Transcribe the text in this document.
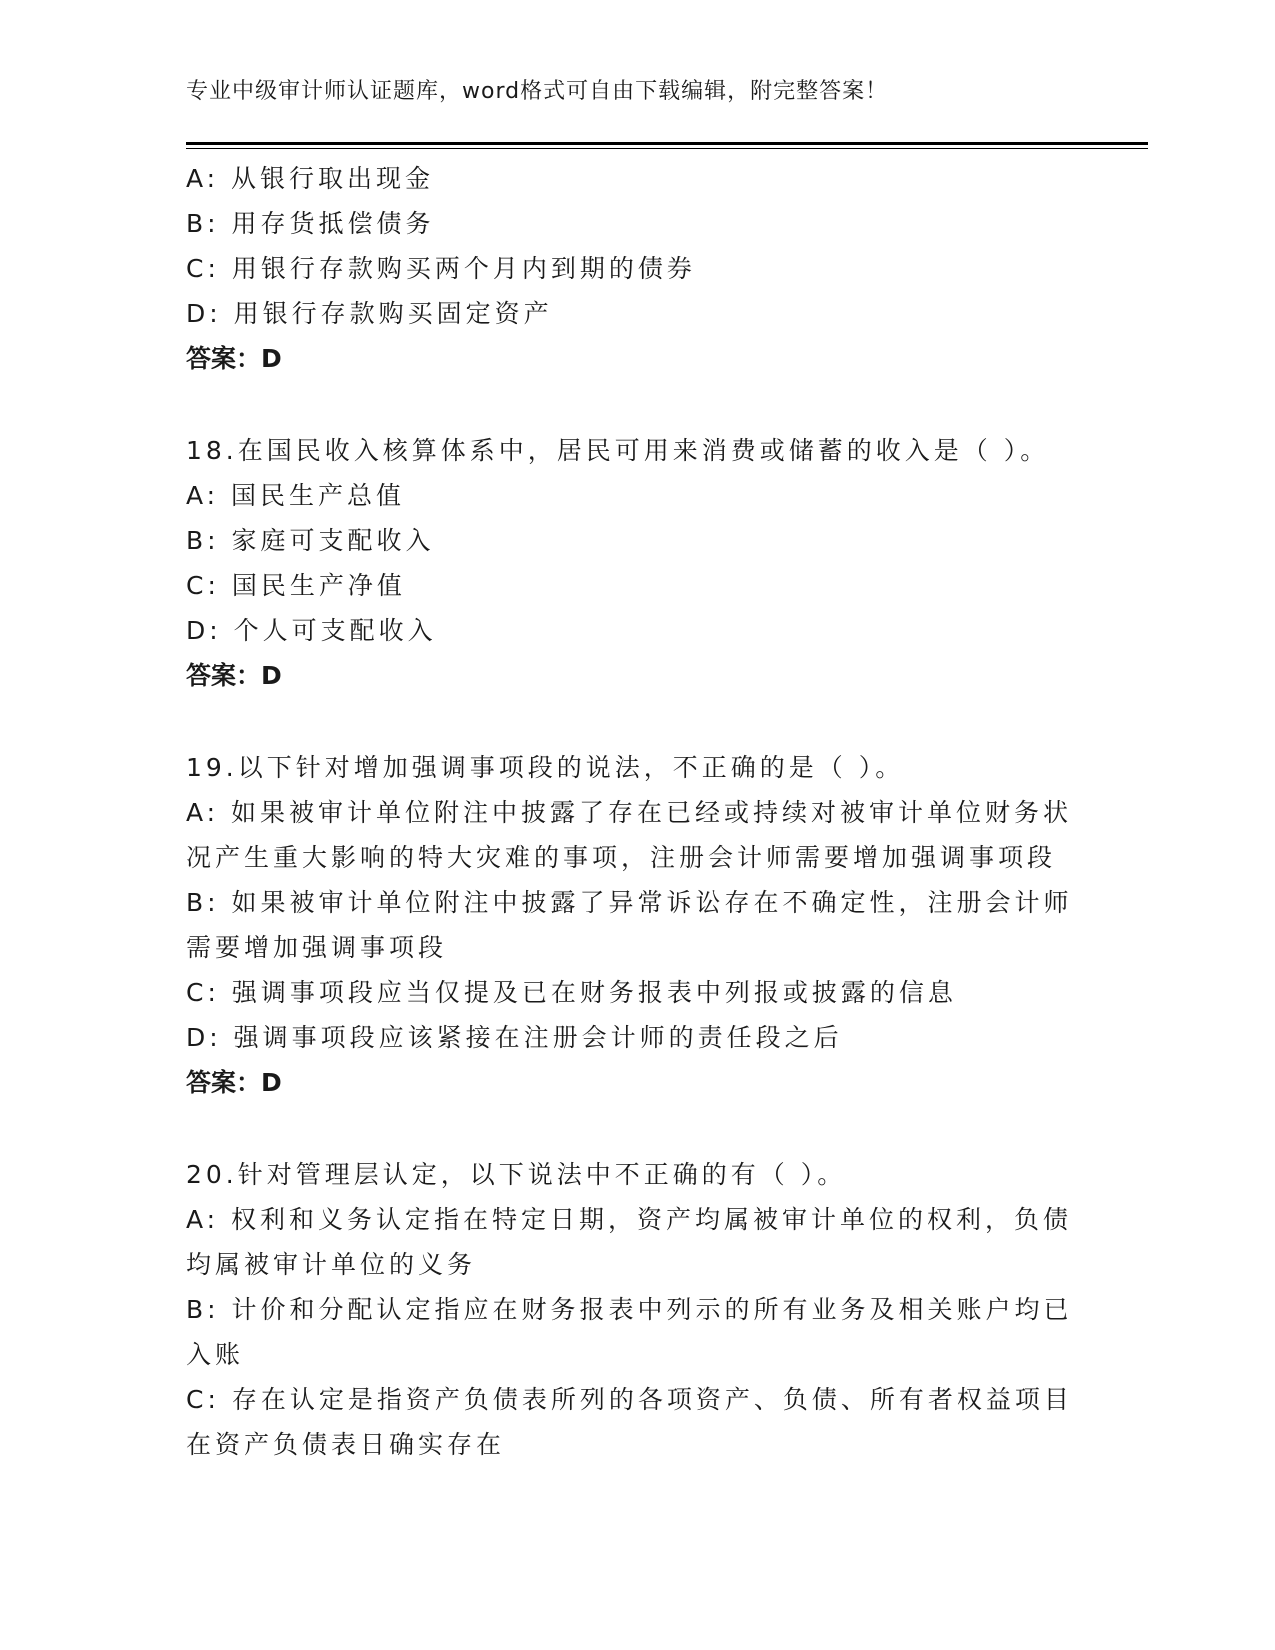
专业中级审计师认证题库，word格式可自由下载编辑，附完整答案！
A: 从银行取出现金
B: 用存货抵偿债务
C: 用银行存款购买两个月内到期的债券
D: 用银行存款购买固定资产
答案：D
18.在国民收入核算体系中，居民可用来消费或储蓄的收入是（ ）。
A: 国民生产总值
B: 家庭可支配收入
C: 国民生产净值
D: 个人可支配收入
答案：D
19.以下针对增加强调事项段的说法，不正确的是（ ）。
A: 如果被审计单位附注中披露了存在已经或持续对被审计单位财务状
况产生重大影响的特大灾难的事项，注册会计师需要增加强调事项段
B: 如果被审计单位附注中披露了异常诉讼存在不确定性，注册会计师
需要增加强调事项段
C: 强调事项段应当仅提及已在财务报表中列报或披露的信息
D: 强调事项段应该紧接在注册会计师的责任段之后
答案：D
20.针对管理层认定，以下说法中不正确的有（ ）。
A: 权利和义务认定指在特定日期，资产均属被审计单位的权利，负债
均属被审计单位的义务
B: 计价和分配认定指应在财务报表中列示的所有业务及相关账户均已
入账
C: 存在认定是指资产负债表所列的各项资产、负债、所有者权益项目
在资产负债表日确实存在
